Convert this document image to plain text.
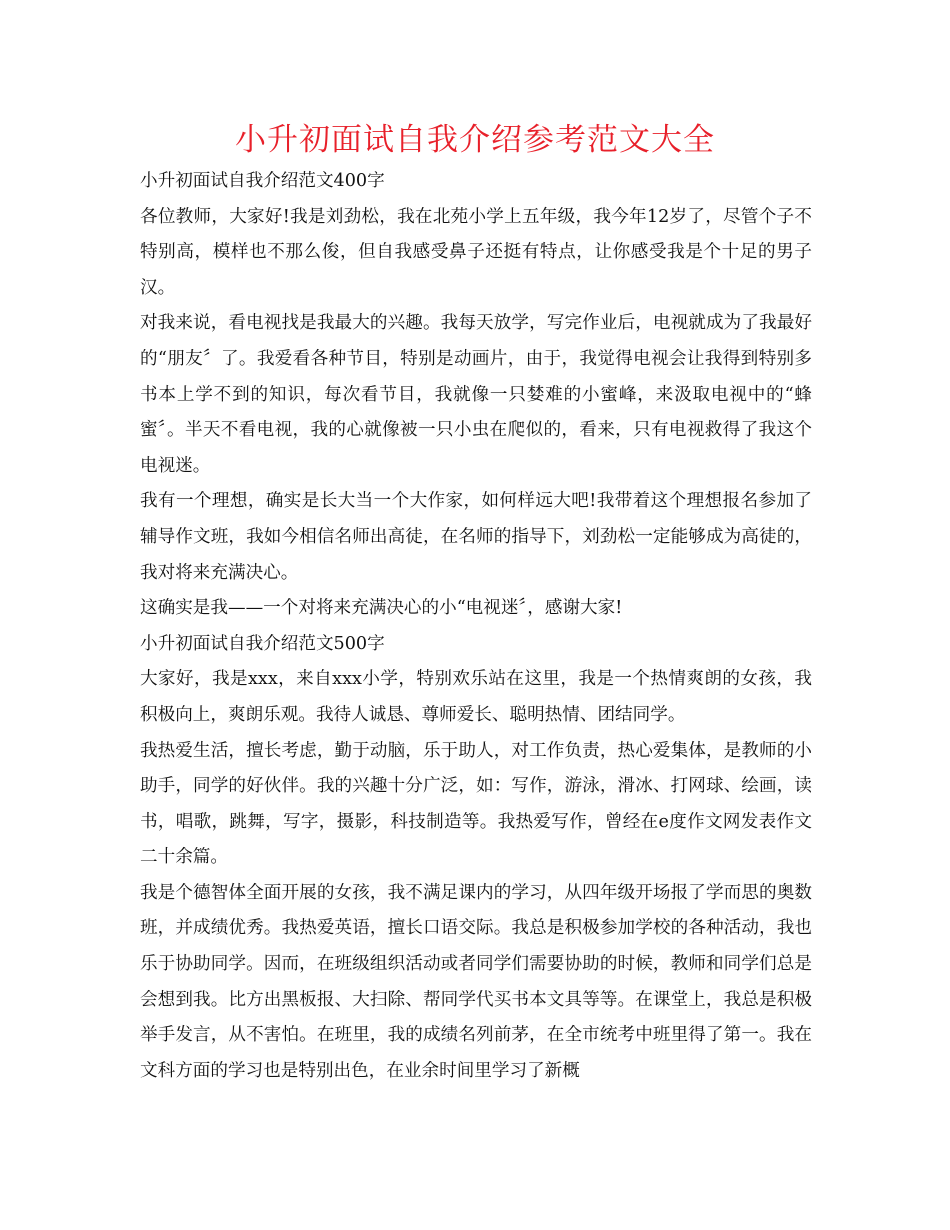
小升初面试自我介绍参考范文大全

小升初面试自我介绍范文400字

各位教师，大家好!我是刘劲松，我在北苑小学上五年级，我今年12岁了，尽管个子不特别高，模样也不那么俊，但自我感受鼻子还挺有特点，让你感受我是个十足的男子汉。

对我来说，看电视找是我最大的兴趣。我每天放学，写完作业后，电视就成为了我最好的“朋友〞了。我爱看各种节目，特别是动画片，由于，我觉得电视会让我得到特别多书本上学不到的知识，每次看节目，我就像一只婪难的小蜜峰，来汲取电视中的“蜂蜜〞。半天不看电视，我的心就像被一只小虫在爬似的，看来，只有电视救得了我这个电视迷。

我有一个理想，确实是长大当一个大作家，如何样远大吧!我带着这个理想报名参加了辅导作文班，我如今相信名师出高徒，在名师的指导下，刘劲松一定能够成为高徒的，我对将来充满决心。

这确实是我——一个对将来充满决心的小“电视迷〞，感谢大家!

小升初面试自我介绍范文500字

大家好，我是xxx，来自xxx小学，特别欢乐站在这里，我是一个热情爽朗的女孩，我积极向上，爽朗乐观。我待人诚恳、尊师爱长、聪明热情、团结同学。

我热爱生活，擅长考虑，勤于动脑，乐于助人，对工作负责，热心爱集体，是教师的小助手，同学的好伙伴。我的兴趣十分广泛，如：写作，游泳，滑冰、打网球、绘画，读书，唱歌，跳舞，写字，摄影，科技制造等。我热爱写作，曾经在e度作文网发表作文二十余篇。

我是个德智体全面开展的女孩，我不满足课内的学习，从四年级开场报了学而思的奥数班，并成绩优秀。我热爱英语，擅长口语交际。我总是积极参加学校的各种活动，我也乐于协助同学。因而，在班级组织活动或者同学们需要协助的时候，教师和同学们总是会想到我。比方出黑板报、大扫除、帮同学代买书本文具等等。在课堂上，我总是积极举手发言，从不害怕。在班里，我的成绩名列前茅，在全市统考中班里得了第一。我在文科方面的学习也是特别出色，在业余时间里学习了新概
